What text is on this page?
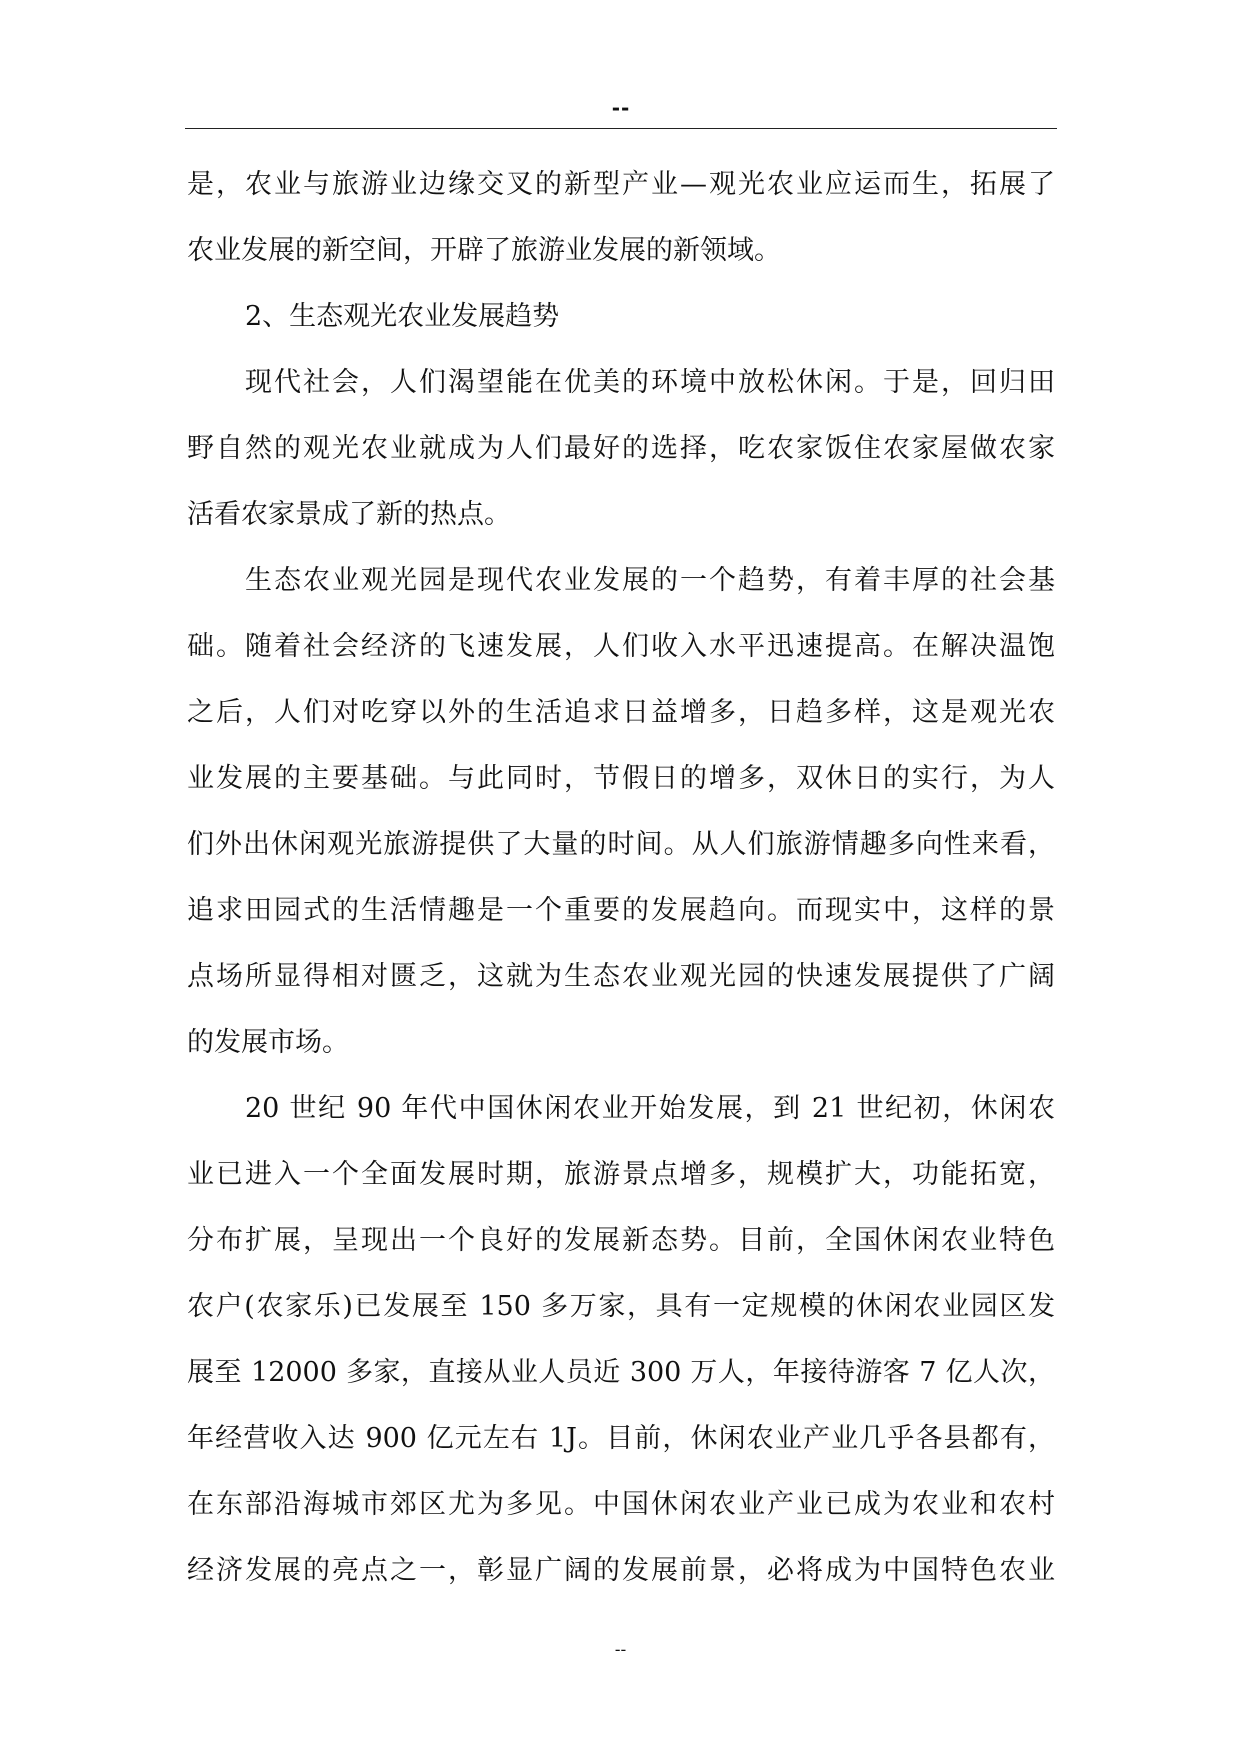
--
是，农业与旅游业边缘交叉的新型产业—观光农业应运而生，拓展了
农业发展的新空间，开辟了旅游业发展的新领域。
2、生态观光农业发展趋势
现代社会，人们渴望能在优美的环境中放松休闲。于是，回归田
野自然的观光农业就成为人们最好的选择，吃农家饭住农家屋做农家
活看农家景成了新的热点。
生态农业观光园是现代农业发展的一个趋势，有着丰厚的社会基
础。随着社会经济的飞速发展，人们收入水平迅速提高。在解决温饱
之后，人们对吃穿以外的生活追求日益增多，日趋多样，这是观光农
业发展的主要基础。与此同时，节假日的增多，双休日的实行，为人
们外出休闲观光旅游提供了大量的时间。从人们旅游情趣多向性来看，
追求田园式的生活情趣是一个重要的发展趋向。而现实中，这样的景
点场所显得相对匮乏，这就为生态农业观光园的快速发展提供了广阔
的发展市场。
20 世纪 90 年代中国休闲农业开始发展，到 21 世纪初，休闲农
业已进入一个全面发展时期，旅游景点增多，规模扩大，功能拓宽，
分布扩展，呈现出一个良好的发展新态势。目前，全国休闲农业特色
农户(农家乐)已发展至 150 多万家，具有一定规模的休闲农业园区发
展至 12000 多家，直接从业人员近 300 万人，年接待游客 7 亿人次，
年经营收入达 900 亿元左右 1J。目前，休闲农业产业几乎各县都有，
在东部沿海城市郊区尤为多见。中国休闲农业产业已成为农业和农村
经济发展的亮点之一，彰显广阔的发展前景，必将成为中国特色农业
--
